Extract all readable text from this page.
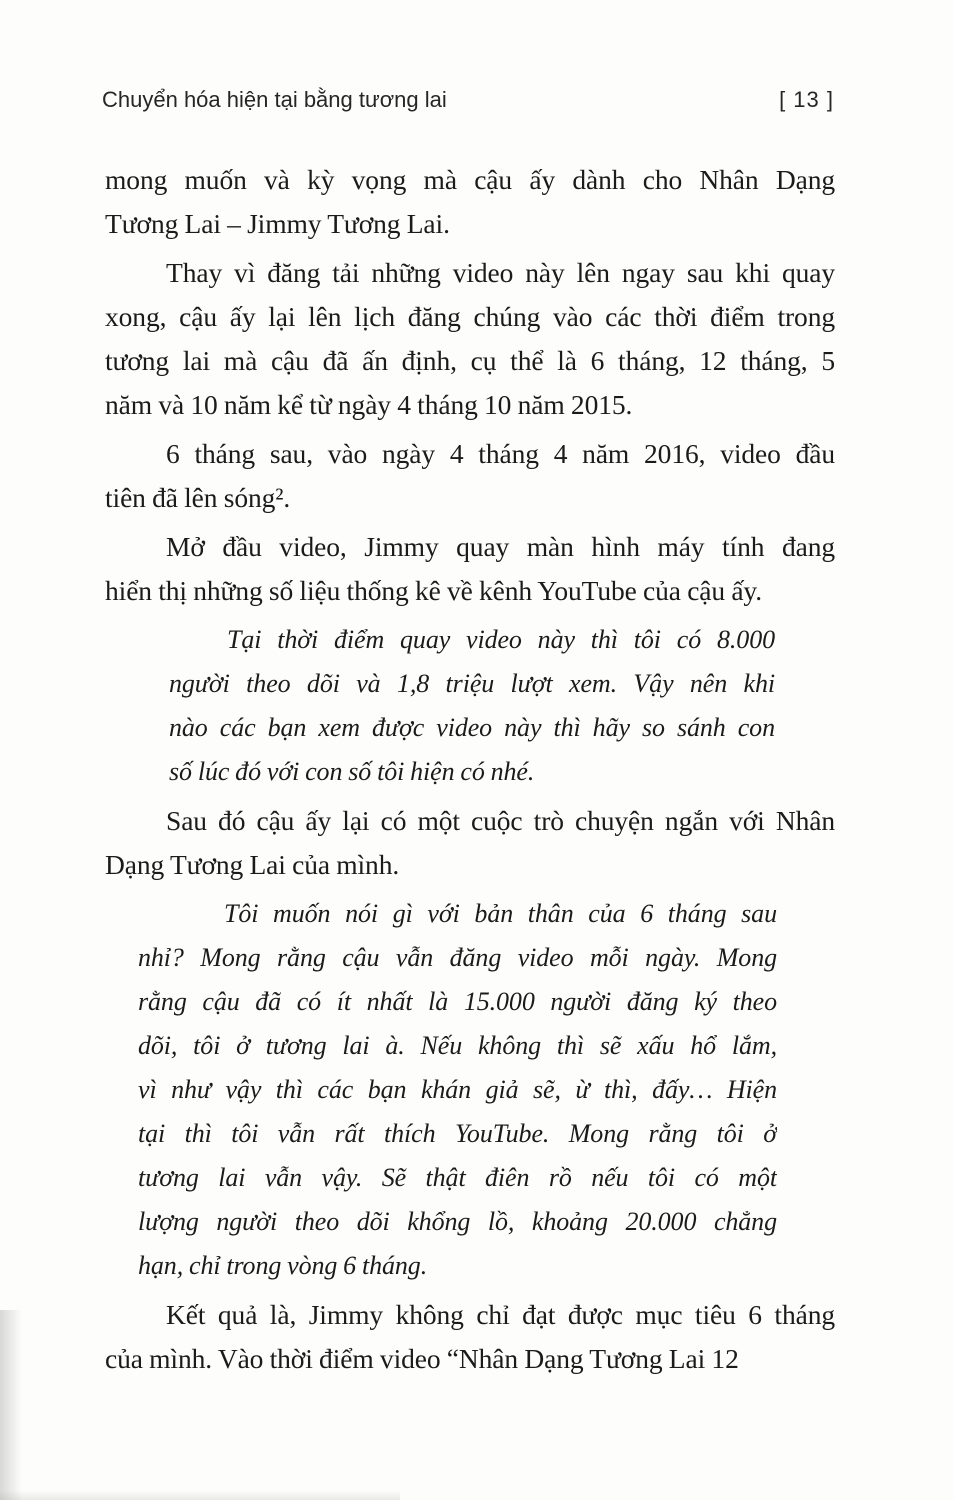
Chuyển hóa hiện tại bằng tương lai	[ 13 ]
mong muốn và kỳ vọng mà cậu ấy dành cho Nhân Dạng
Tương Lai – Jimmy Tương Lai.
Thay vì đăng tải những video này lên ngay sau khi quay
xong, cậu ấy lại lên lịch đăng chúng vào các thời điểm trong
tương lai mà cậu đã ấn định, cụ thể là 6 tháng, 12 tháng, 5
năm và 10 năm kể từ ngày 4 tháng 10 năm 2015.
6 tháng sau, vào ngày 4 tháng 4 năm 2016, video đầu
tiên đã lên sóng².
Mở đầu video, Jimmy quay màn hình máy tính đang
hiển thị những số liệu thống kê về kênh YouTube của cậu ấy.
Tại thời điểm quay video này thì tôi có 8.000
người theo dõi và 1,8 triệu lượt xem. Vậy nên khi
nào các bạn xem được video này thì hãy so sánh con
số lúc đó với con số tôi hiện có nhé.
Sau đó cậu ấy lại có một cuộc trò chuyện ngắn với Nhân
Dạng Tương Lai của mình.
Tôi muốn nói gì với bản thân của 6 tháng sau
nhỉ? Mong rằng cậu vẫn đăng video mỗi ngày. Mong
rằng cậu đã có ít nhất là 15.000 người đăng ký theo
dõi, tôi ở tương lai à. Nếu không thì sẽ xấu hổ lắm,
vì như vậy thì các bạn khán giả sẽ, ừ thì, đấy… Hiện
tại thì tôi vẫn rất thích YouTube. Mong rằng tôi ở
tương lai vẫn vậy. Sẽ thật điên rồ nếu tôi có một
lượng người theo dõi khổng lồ, khoảng 20.000 chẳng
hạn, chỉ trong vòng 6 tháng.
Kết quả là, Jimmy không chỉ đạt được mục tiêu 6 tháng
của mình. Vào thời điểm video “Nhân Dạng Tương Lai 12
